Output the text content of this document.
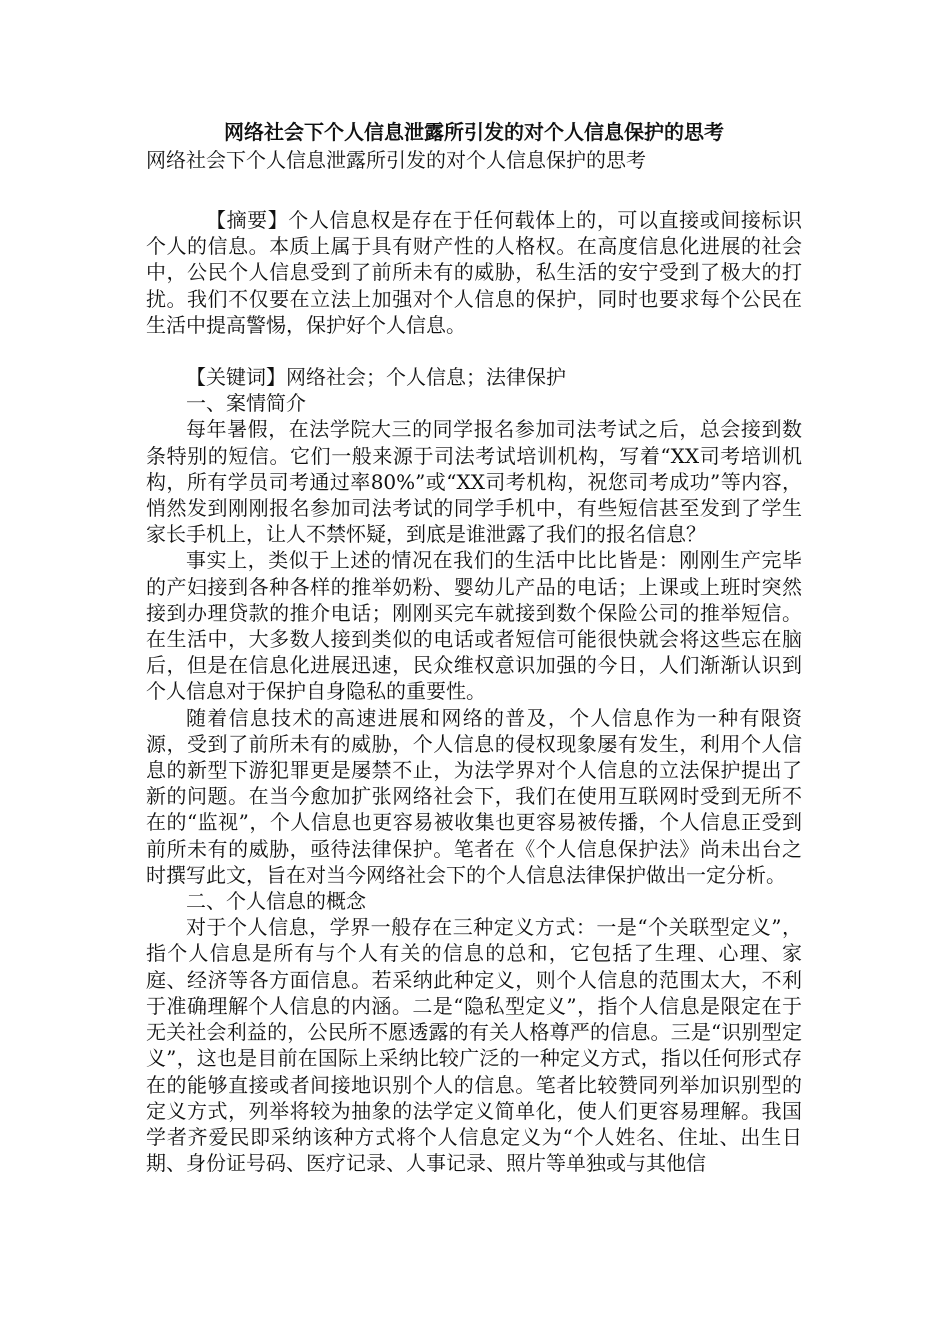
网络社会下个人信息泄露所引发的对个人信息保护的思考
网络社会下个人信息泄露所引发的对个人信息保护的思考

【摘要】个人信息权是存在于任何载体上的，可以直接或间接标识个人的信息。本质上属于具有财产性的人格权。在高度信息化进展的社会中，公民个人信息受到了前所未有的威胁，私生活的安宁受到了极大的打扰。我们不仅要在立法上加强对个人信息的保护，同时也要求每个公民在生活中提高警惕，保护好个人信息。

【关键词】网络社会；个人信息；法律保护

一、案情简介

每年暑假，在法学院大三的同学报名参加司法考试之后，总会接到数条特别的短信。它们一般来源于司法考试培训机构，写着“XX司考培训机构，所有学员司考通过率80%”或“XX司考机构，祝您司考成功”等内容，悄然发到刚刚报名参加司法考试的同学手机中，有些短信甚至发到了学生家长手机上，让人不禁怀疑，到底是谁泄露了我们的报名信息？

事实上，类似于上述的情况在我们的生活中比比皆是：刚刚生产完毕的产妇接到各种各样的推举奶粉、婴幼儿产品的电话；上课或上班时突然接到办理贷款的推介电话；刚刚买完车就接到数个保险公司的推举短信。在生活中，大多数人接到类似的电话或者短信可能很快就会将这些忘在脑后，但是在信息化进展迅速，民众维权意识加强的今日，人们渐渐认识到个人信息对于保护自身隐私的重要性。

随着信息技术的高速进展和网络的普及，个人信息作为一种有限资源，受到了前所未有的威胁，个人信息的侵权现象屡有发生，利用个人信息的新型下游犯罪更是屡禁不止，为法学界对个人信息的立法保护提出了新的问题。在当今愈加扩张网络社会下，我们在使用互联网时受到无所不在的“监视”，个人信息也更容易被收集也更容易被传播，个人信息正受到前所未有的威胁，亟待法律保护。笔者在《个人信息保护法》尚未出台之时撰写此文，旨在对当今网络社会下的个人信息法律保护做出一定分析。

二、个人信息的概念

对于个人信息，学界一般存在三种定义方式：一是“个关联型定义”，指个人信息是所有与个人有关的信息的总和，它包括了生理、心理、家庭、经济等各方面信息。若采纳此种定义，则个人信息的范围太大，不利于准确理解个人信息的内涵。二是“隐私型定义”，指个人信息是限定在于无关社会利益的，公民所不愿透露的有关人格尊严的信息。三是“识别型定义”，这也是目前在国际上采纳比较广泛的一种定义方式，指以任何形式存在的能够直接或者间接地识别个人的信息。笔者比较赞同列举加识别型的定义方式，列举将较为抽象的法学定义简单化，使人们更容易理解。我国学者齐爱民即采纳该种方式将个人信息定义为“个人姓名、住址、出生日期、身份证号码、医疗记录、人事记录、照片等单独或与其他信
